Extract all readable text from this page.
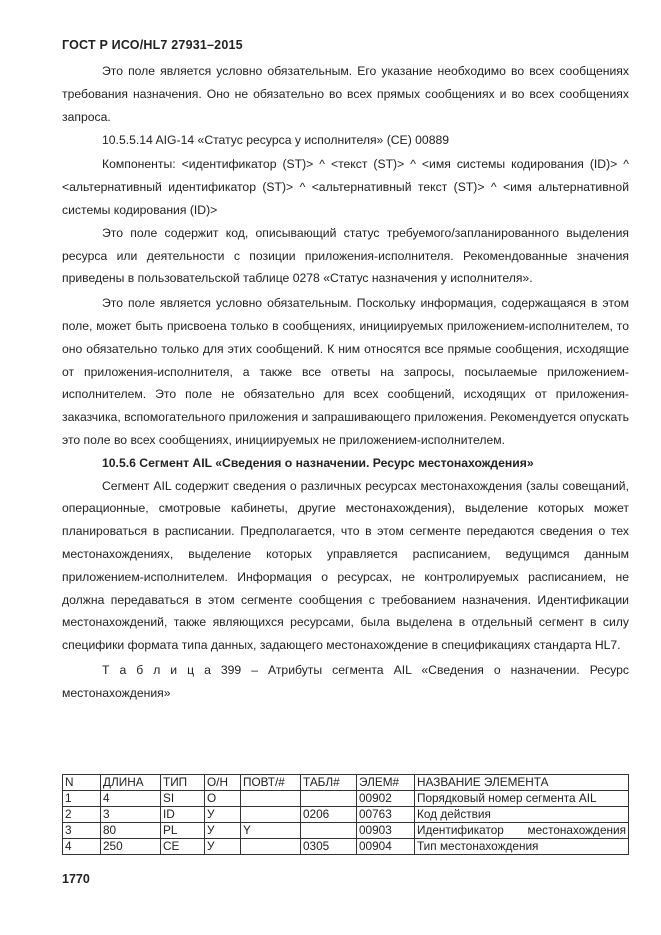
ГОСТ Р ИСО/HL7 27931–2015

Это поле является условно обязательным. Его указание необходимо во всех сообщениях требования назначения. Оно не обязательно во всех прямых сообщениях и во всех сообщениях запроса.

10.5.5.14 AIG-14 «Статус ресурса у исполнителя» (CE) 00889

Компоненты: <идентификатор (ST)> ^ <текст (ST)> ^ <имя системы кодирования (ID)> ^ <альтернативный идентификатор (ST)> ^ <альтернативный текст (ST)> ^ <имя альтернативной системы кодирования (ID)>

Это поле содержит код, описывающий статус требуемого/запланированного выделения ресурса или деятельности с позиции приложения-исполнителя. Рекомендованные значения приведены в пользовательской таблице 0278 «Статус назначения у исполнителя».

Это поле является условно обязательным. Поскольку информация, содержащаяся в этом поле, может быть присвоена только в сообщениях, инициируемых приложением-исполнителем, то оно обязательно только для этих сообщений. К ним относятся все прямые сообщения, исходящие от приложения-исполнителя, а также все ответы на запросы, посылаемые приложением-исполнителем. Это поле не обязательно для всех сообщений, исходящих от приложения-заказчика, вспомогательного приложения и запрашивающего приложения. Рекомендуется опускать это поле во всех сообщениях, инициируемых не приложением-исполнителем.

10.5.6 Сегмент AIL «Сведения о назначении. Ресурс местонахождения»

Сегмент AIL содержит сведения о различных ресурсах местонахождения (залы совещаний, операционные, смотровые кабинеты, другие местонахождения), выделение которых может планироваться в расписании. Предполагается, что в этом сегменте передаются сведения о тех местонахождениях, выделение которых управляется расписанием, ведущимся данным приложением-исполнителем. Информация о ресурсах, не контролируемых расписанием, не должна передаваться в этом сегменте сообщения с требованием назначения. Идентификации местонахождений, также являющихся ресурсами, была выделена в отдельный сегмент в силу специфики формата типа данных, задающего местонахождение в спецификациях стандарта HL7.

Т а б л и ц а 399 – Атрибуты сегмента AIL «Сведения о назначении. Ресурс местонахождения»

N	ДЛИНА	ТИП	О/Н	ПОВТ/#	ТАБЛ#	ЭЛЕМ#	НАЗВАНИЕ ЭЛЕМЕНТА
1	4	SI	O			00902	Порядковый номер сегмента AIL
2	3	ID	У		0206	00763	Код действия
3	80	PL	У	Y		00903	Идентификатор местонахождения
4	250	CE	У		0305	00904	Тип местонахождения
1770
